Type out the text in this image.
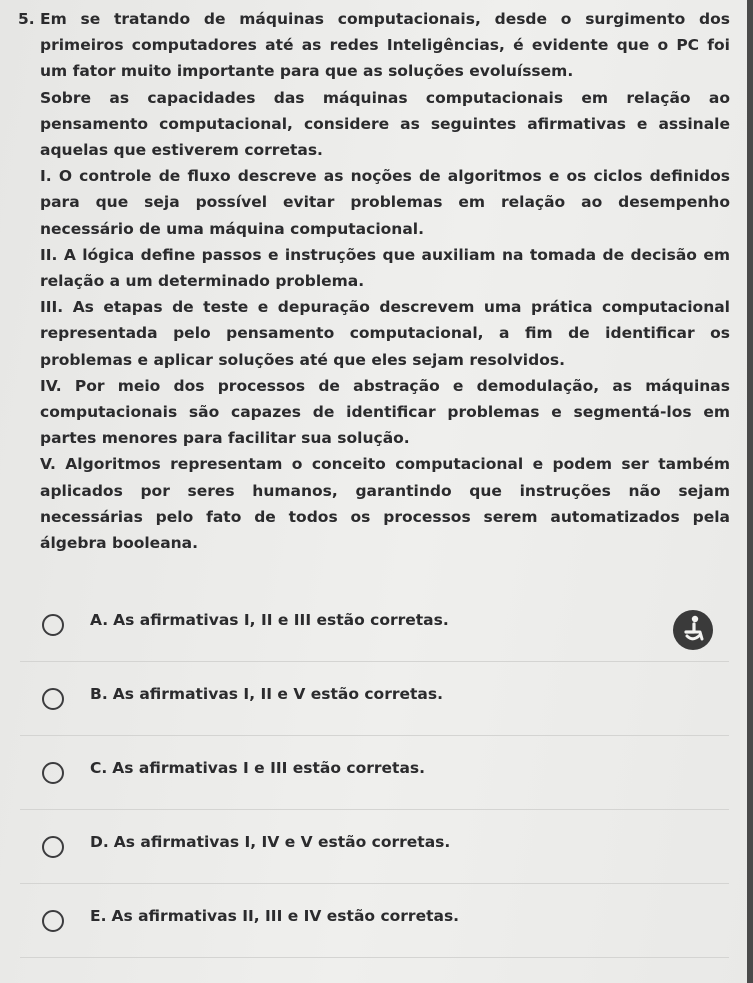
5. Em se tratando de máquinas computacionais, desde o surgimento dos primeiros computadores até as redes Inteligências, é evidente que o PC foi um fator muito importante para que as soluções evoluíssem.

Sobre as capacidades das máquinas computacionais em relação ao pensamento computacional, considere as seguintes afirmativas e assinale aquelas que estiverem corretas.

I. O controle de fluxo descreve as noções de algoritmos e os ciclos definidos para que seja possível evitar problemas em relação ao desempenho necessário de uma máquina computacional.

II. A lógica define passos e instruções que auxiliam na tomada de decisão em relação a um determinado problema.

III. As etapas de teste e depuração descrevem uma prática computacional representada pelo pensamento computacional, a fim de identificar os problemas e aplicar soluções até que eles sejam resolvidos.

IV. Por meio dos processos de abstração e demodulação, as máquinas computacionais são capazes de identificar problemas e segmentá-los em partes menores para facilitar sua solução.

V. Algoritmos representam o conceito computacional e podem ser também aplicados por seres humanos, garantindo que instruções não sejam necessárias pelo fato de todos os processos serem automatizados pela álgebra booleana.

A. As afirmativas I, II e III estão corretas.
B. As afirmativas I, II e V estão corretas.
C. As afirmativas I e III estão corretas.
D. As afirmativas I, IV e V estão corretas.
E. As afirmativas II, III e IV estão corretas.
